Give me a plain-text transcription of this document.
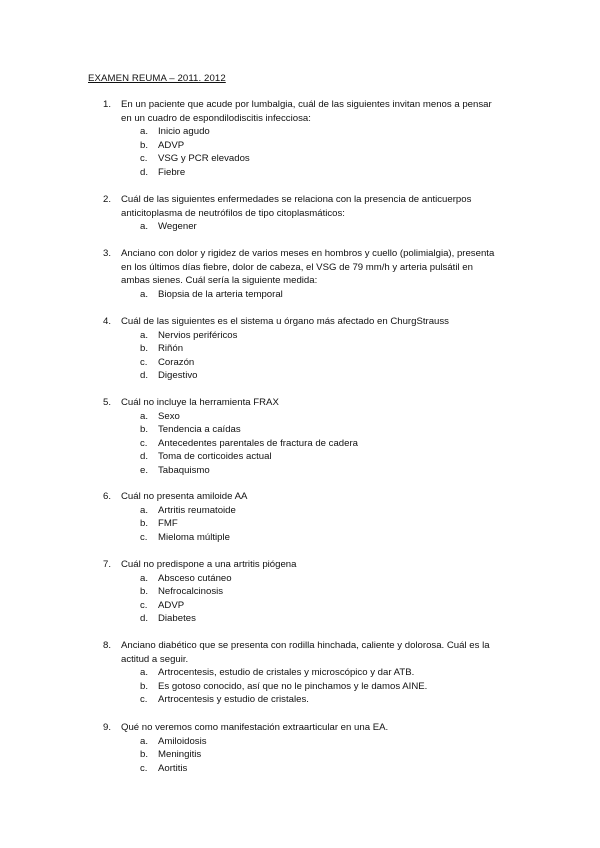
EXAMEN REUMA – 2011. 2012
1. En un paciente que acude por lumbalgia, cuál de las siguientes invitan menos a pensar
en un cuadro de espondilodiscitis infecciosa:
a. Inicio agudo
b. ADVP
c. VSG y PCR elevados
d. Fiebre
2. Cuál de las siguientes enfermedades se relaciona con la presencia de anticuerpos
anticitoplasma de neutrófilos de tipo citoplasmáticos:
a. Wegener
3. Anciano con dolor y rigidez de varios meses en hombros y cuello (polimialgia), presenta
en los últimos días fiebre, dolor de cabeza, el VSG de 79 mm/h y arteria pulsátil en
ambas sienes. Cuál sería la siguiente medida:
a. Biopsia de la arteria temporal
4. Cuál de las siguientes es el sistema u órgano más afectado en ChurgStrauss
a. Nervios periféricos
b. Riñón
c. Corazón
d. Digestivo
5. Cuál no incluye la herramienta FRAX
a. Sexo
b. Tendencia a caídas
c. Antecedentes parentales de fractura de cadera
d. Toma de corticoides actual
e. Tabaquismo
6. Cuál no presenta amiloide AA
a. Artritis reumatoide
b. FMF
c. Mieloma múltiple
7. Cuál no predispone a una artritis piógena
a. Absceso cutáneo
b. Nefrocalcinosis
c. ADVP
d. Diabetes
8. Anciano diabético que se presenta con rodilla hinchada, caliente y dolorosa. Cuál es la
actitud a seguir.
a. Artrocentesis, estudio de cristales y microscópico y dar ATB.
b. Es gotoso conocido, así que no le pinchamos y le damos AINE.
c. Artrocentesis y estudio de cristales.
9. Qué no veremos como manifestación extraarticular en una EA.
a. Amiloidosis
b. Meningitis
c. Aortitis
